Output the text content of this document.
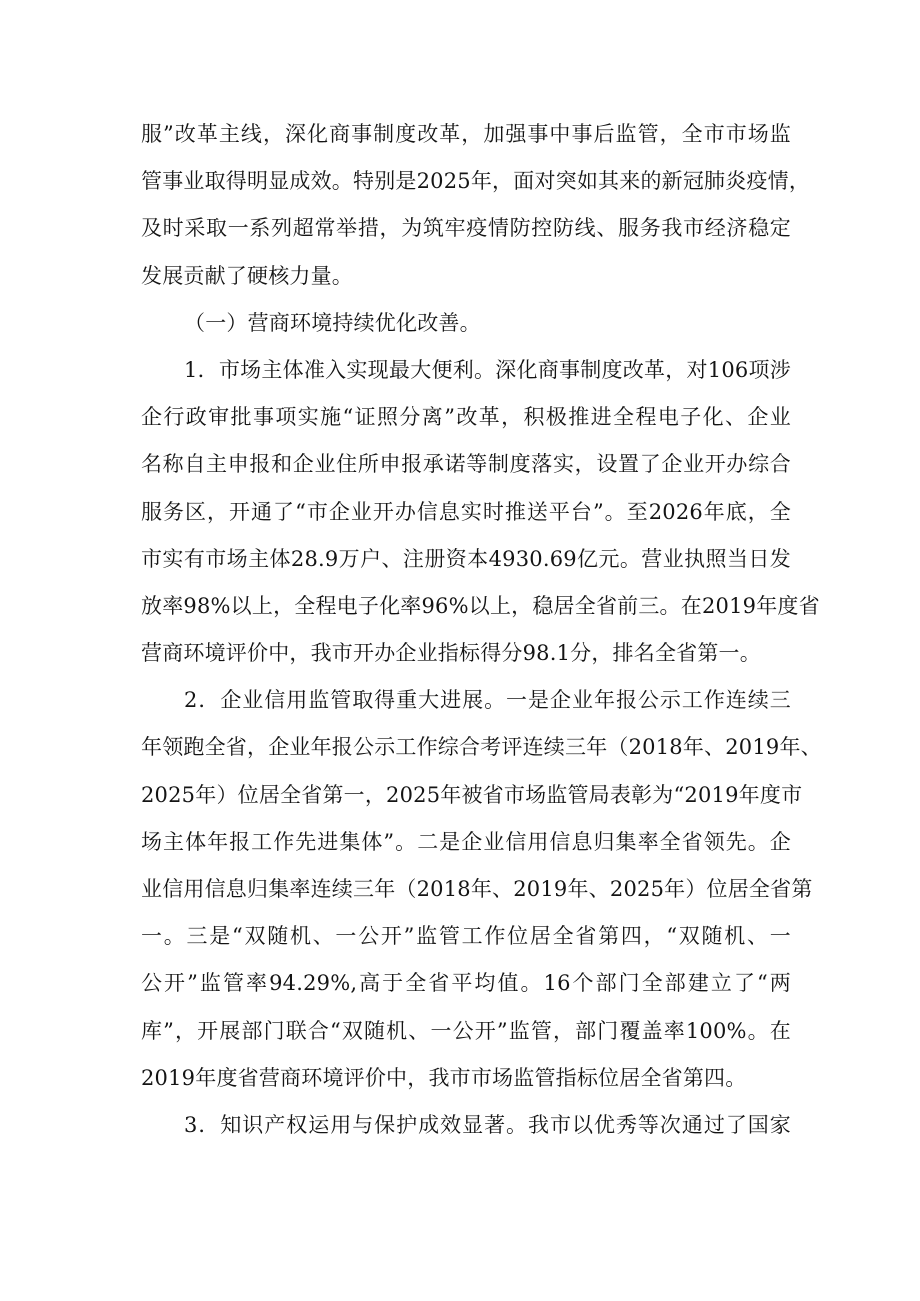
服”改革主线，深化商事制度改革，加强事中事后监管，全市市场监
管事业取得明显成效。特别是2025年，面对突如其来的新冠肺炎疫情，
及时采取一系列超常举措，为筑牢疫情防控防线、服务我市经济稳定
发展贡献了硬核力量。
（一）营商环境持续优化改善。
1．市场主体准入实现最大便利。深化商事制度改革，对106项涉
企行政审批事项实施“证照分离”改革，积极推进全程电子化、企业
名称自主申报和企业住所申报承诺等制度落实，设置了企业开办综合
服务区，开通了“市企业开办信息实时推送平台”。至2026年底，全
市实有市场主体28.9万户、注册资本4930.69亿元。营业执照当日发
放率98%以上，全程电子化率96%以上，稳居全省前三。在2019年度省
营商环境评价中，我市开办企业指标得分98.1分，排名全省第一。
2．企业信用监管取得重大进展。一是企业年报公示工作连续三
年领跑全省，企业年报公示工作综合考评连续三年（2018年、2019年、
2025年）位居全省第一，2025年被省市场监管局表彰为“2019年度市
场主体年报工作先进集体”。二是企业信用信息归集率全省领先。企
业信用信息归集率连续三年（2018年、2019年、2025年）位居全省第
一。三是“双随机、一公开”监管工作位居全省第四，“双随机、一
公开”监管率94.29%,高于全省平均值。16个部门全部建立了“两
库”，开展部门联合“双随机、一公开”监管，部门覆盖率100%。在
2019年度省营商环境评价中，我市市场监管指标位居全省第四。
3．知识产权运用与保护成效显著。我市以优秀等次通过了国家
